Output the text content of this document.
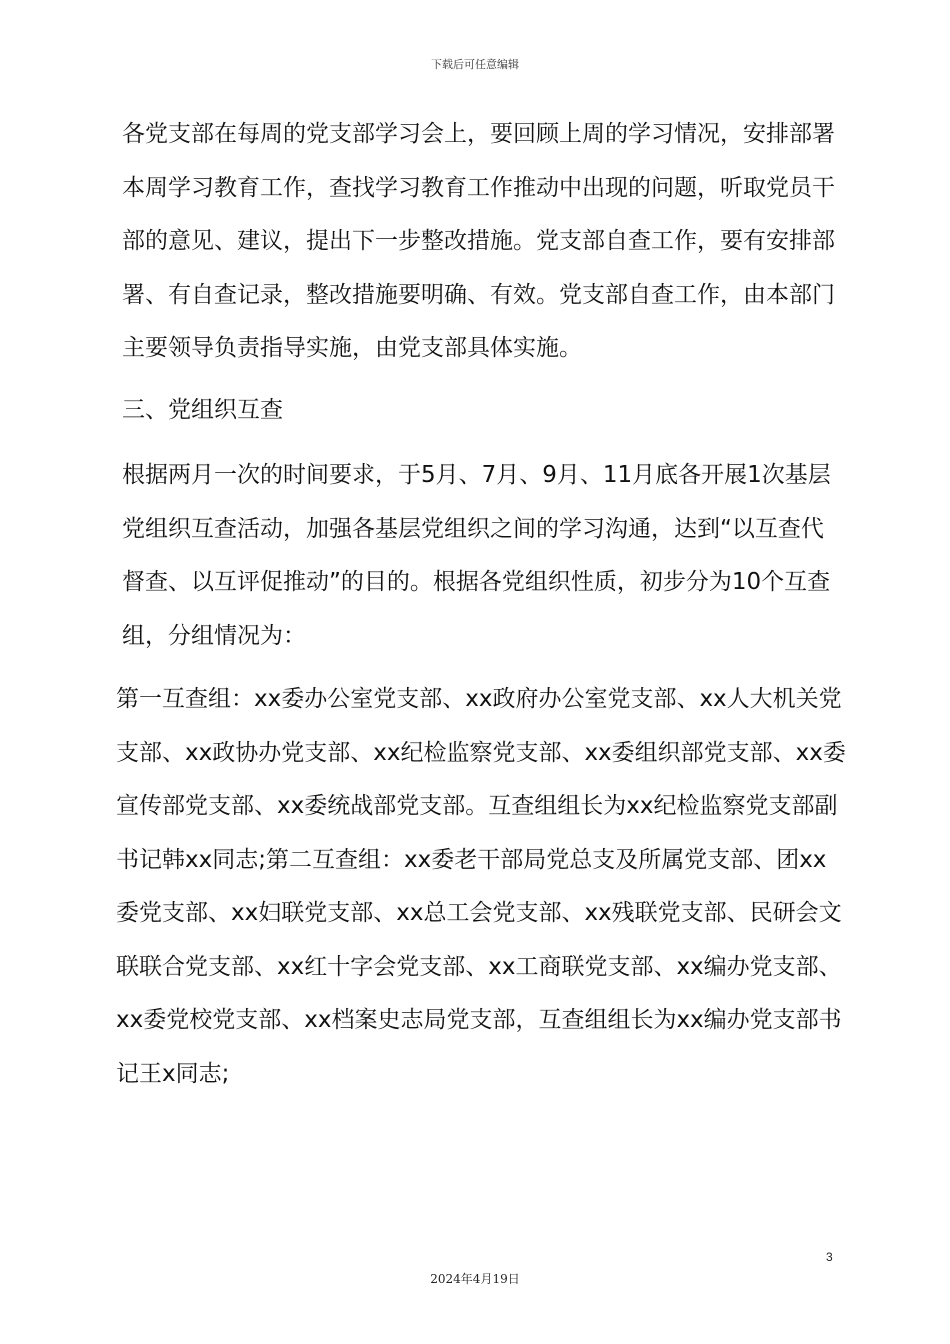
下载后可任意编辑

各党支部在每周的党支部学习会上，要回顾上周的学习情况，安排部署本周学习教育工作，查找学习教育工作推动中出现的问题，听取党员干部的意见、建议，提出下一步整改措施。党支部自查工作，要有安排部署、有自查记录，整改措施要明确、有效。党支部自查工作，由本部门主要领导负责指导实施，由党支部具体实施。

三、党组织互查

根据两月一次的时间要求，于5月、7月、9月、11月底各开展1次基层党组织互查活动，加强各基层党组织之间的学习沟通，达到“以互查代督查、以互评促推动”的目的。根据各党组织性质，初步分为10个互查组，分组情况为：

第一互查组：xx委办公室党支部、xx政府办公室党支部、xx人大机关党支部、xx政协办党支部、xx纪检监察党支部、xx委组织部党支部、xx委宣传部党支部、xx委统战部党支部。互查组组长为xx纪检监察党支部副书记韩xx同志;第二互查组：xx委老干部局党总支及所属党支部、团xx委党支部、xx妇联党支部、xx总工会党支部、xx残联党支部、民研会文联联合党支部、xx红十字会党支部、xx工商联党支部、xx编办党支部、xx委党校党支部、xx档案史志局党支部，互查组组长为xx编办党支部书记王x同志;

3
2024年4月19日
